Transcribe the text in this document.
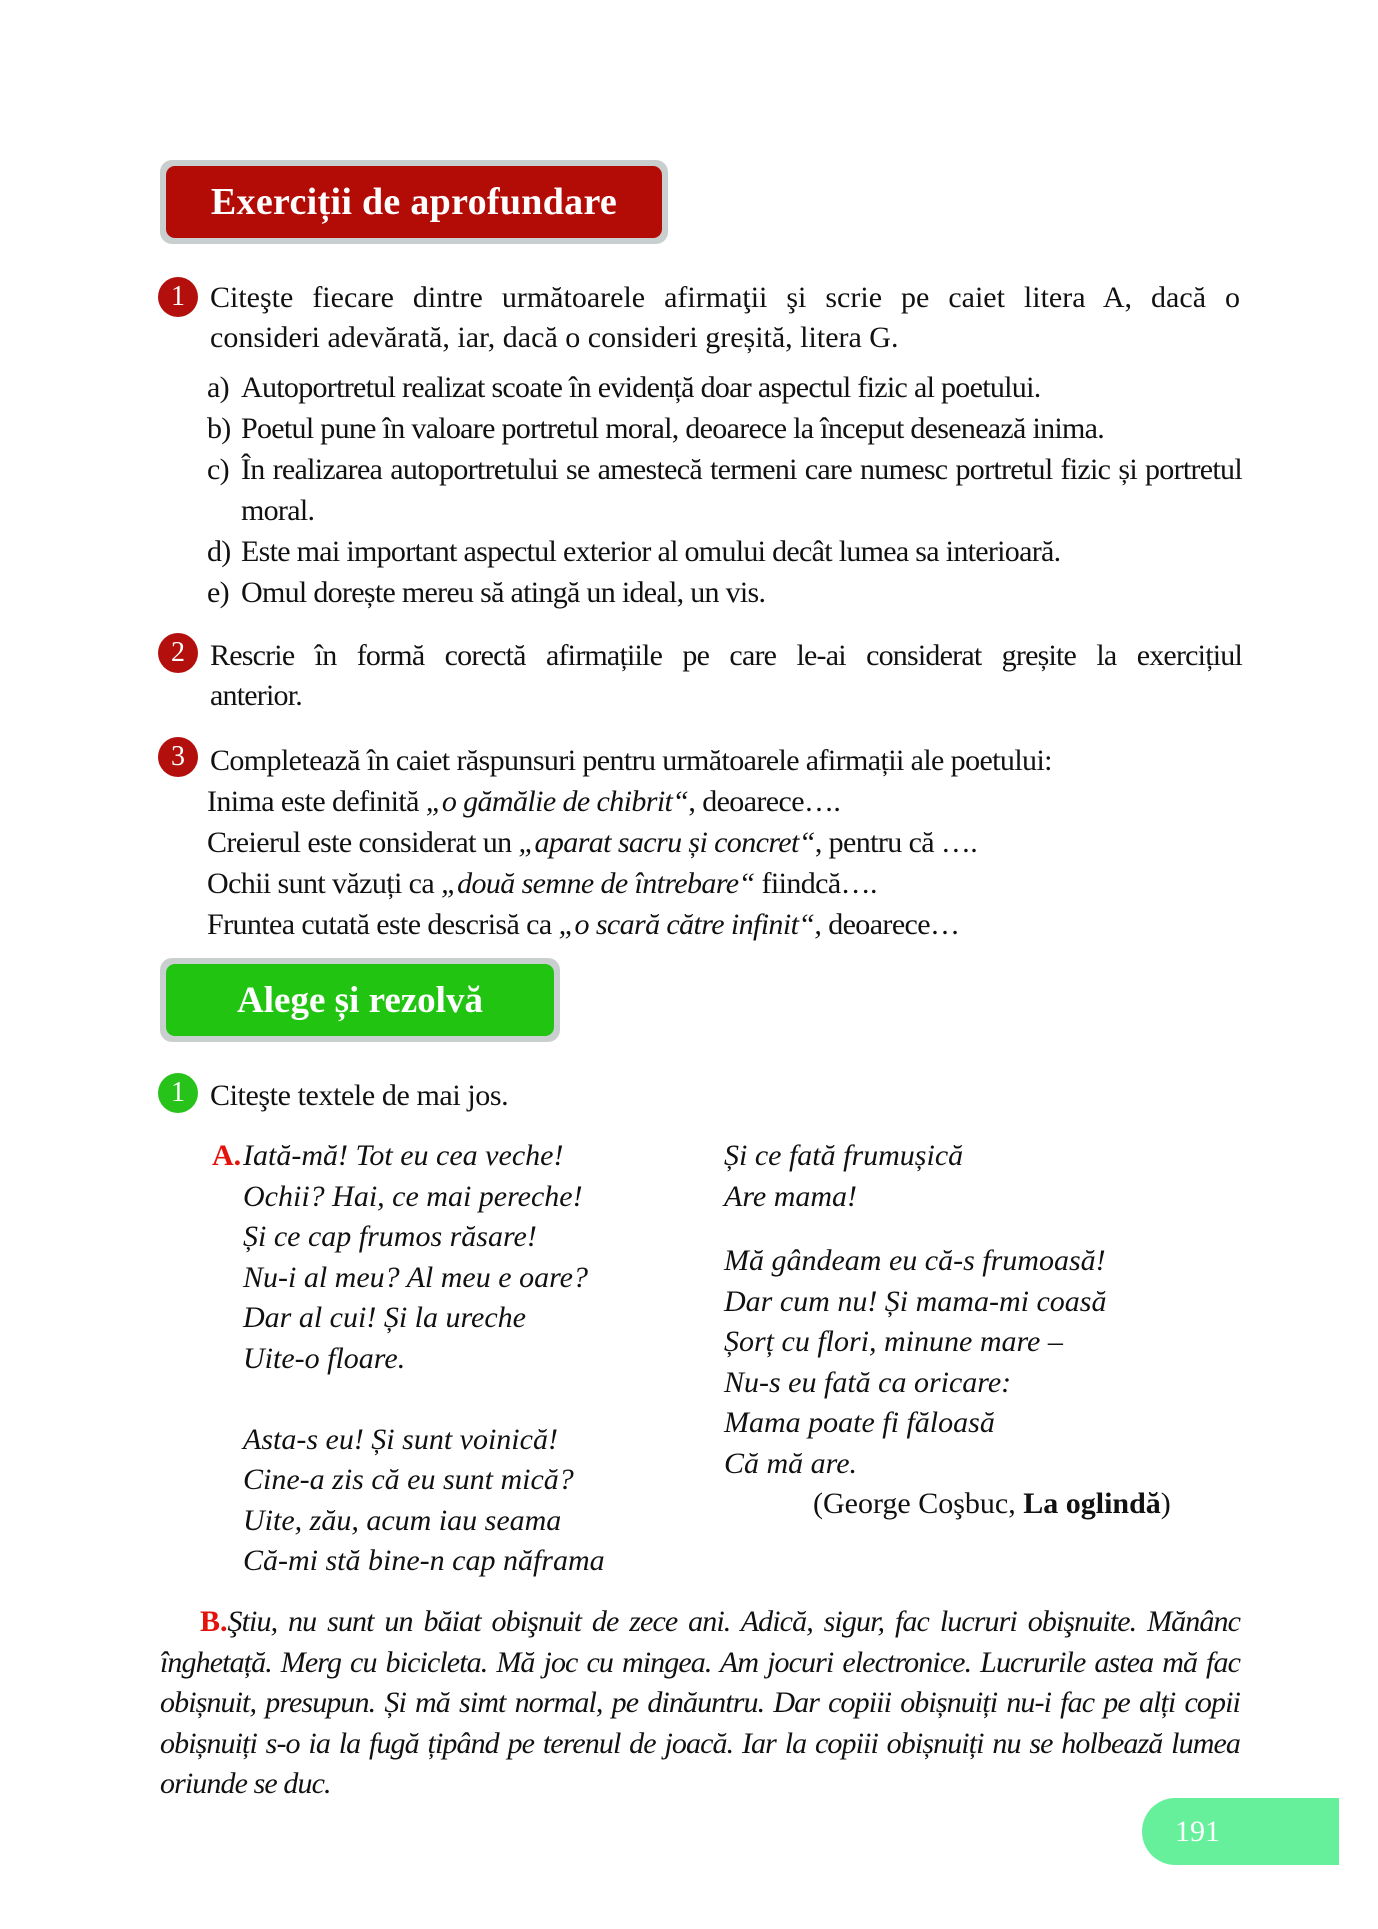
Exerciții de aprofundare
1 Citeşte fiecare dintre următoarele afirmaţii şi scrie pe caiet litera A, dacă o
consideri adevărată, iar, dacă o consideri greșită, litera G.
a) Autoportretul realizat scoate în evidență doar aspectul fizic al poetului.
b) Poetul pune în valoare portretul moral, deoarece la început desenează inima.
c) În realizarea autoportretului se amestecă termeni care numesc portretul fizic și portretul moral.
d) Este mai important aspectul exterior al omului decât lumea sa interioară.
e) Omul dorește mereu să atingă un ideal, un vis.
2 Rescrie în formă corectă afirmațiile pe care le-ai considerat greșite la exercițiul
anterior.
3 Completează în caiet răspunsuri pentru următoarele afirmații ale poetului:
Inima este definită „o gămălie de chibrit“, deoarece….
Creierul este considerat un „aparat sacru și concret“, pentru că ….
Ochii sunt văzuți ca „două semne de întrebare“ fiindcă….
Fruntea cutată este descrisă ca „o scară către infinit“, deoarece…
Alege și rezolvă
1 Citeşte textele de mai jos.
A. Iată-mă! Tot eu cea veche!
Ochii? Hai, ce mai pereche!
Și ce cap frumos răsare!
Nu-i al meu? Al meu e oare?
Dar al cui! Și la ureche
Uite-o floare.
Asta-s eu! Și sunt voinică!
Cine-a zis că eu sunt mică?
Uite, zău, acum iau seama
Că-mi stă bine-n cap năframa
Și ce fată frumușică
Are mama!
Mă gândeam eu că-s frumoasă!
Dar cum nu! Și mama-mi coasă
Șorț cu flori, minune mare –
Nu-s eu fată ca oricare:
Mama poate fi făloasă
Că mă are.
(George Coşbuc, La oglindă)
B.Ştiu, nu sunt un băiat obişnuit de zece ani. Adică, sigur, fac lucruri obişnuite. Mănânc înghetață. Merg cu bicicleta. Mă joc cu mingea. Am jocuri electronice. Lucrurile astea mă fac obișnuit, presupun. Și mă simt normal, pe dinăuntru. Dar copiii obișnuiți nu-i fac pe alți copii obișnuiți s-o ia la fugă țipând pe terenul de joacă. Iar la copiii obișnuiți nu se holbează lumea oriunde se duc.
191
